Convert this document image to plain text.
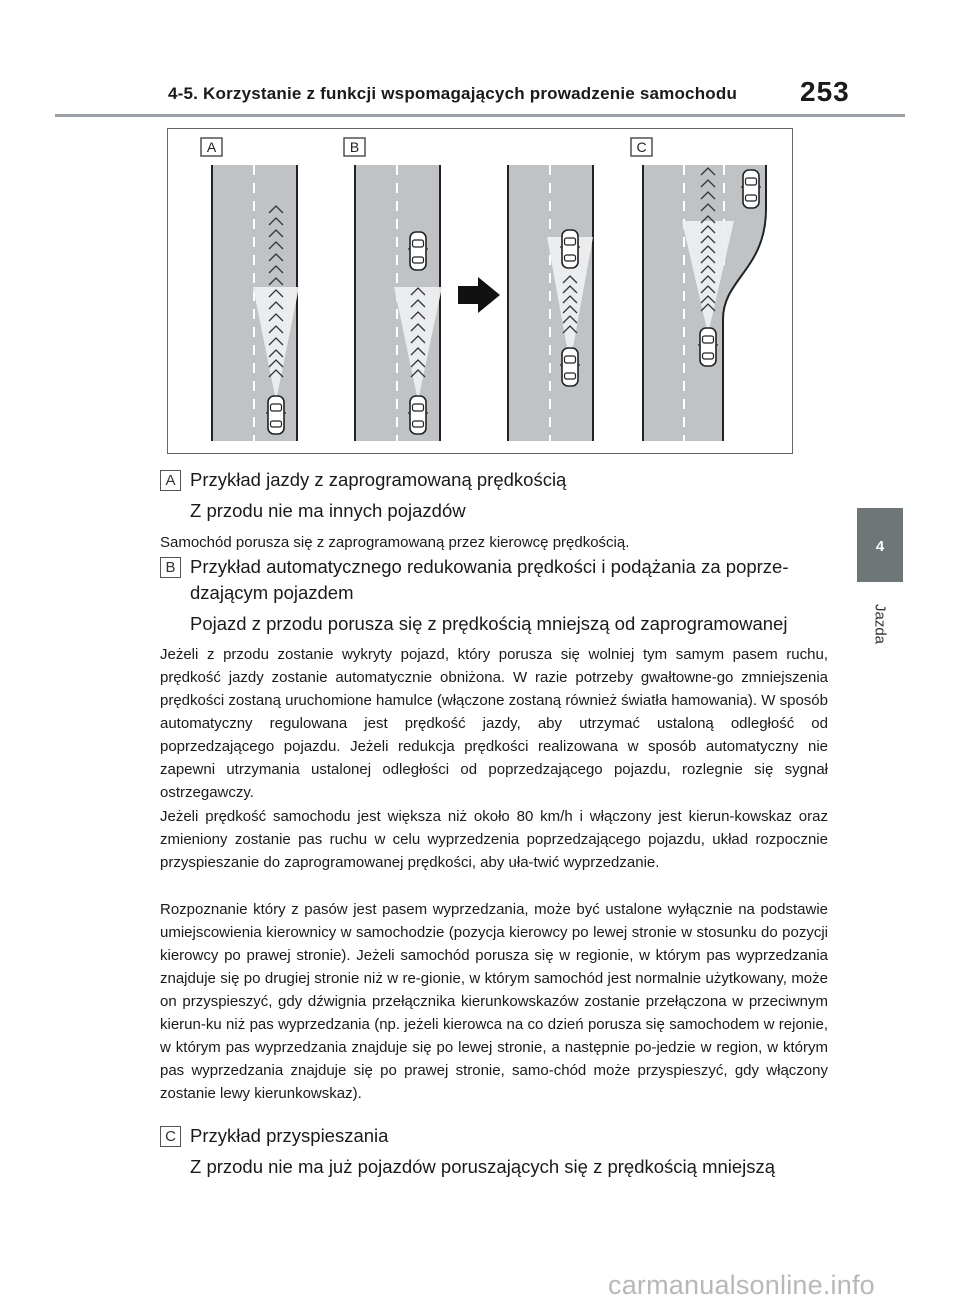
4-5. Korzystanie z funkcji wspomagających prowadzenie samochodu 253
4
Jazda
A	B	C
A Przykład jazdy z zaprogramowaną prędkością
Z przodu nie ma innych pojazdów
Samochód porusza się z zaprogramowaną przez kierowcę prędkością.
B Przykład automatycznego redukowania prędkości i podążania za poprze-
dzającym pojazdem
Pojazd z przodu porusza się z prędkością mniejszą od zaprogramowanej
Jeżeli z przodu zostanie wykryty pojazd, który porusza się wolniej tym samym pasem ruchu, prędkość jazdy zostanie automatycznie obniżona. W razie potrzeby gwałtowne-go zmniejszenia prędkości zostaną uruchomione hamulce (włączone zostaną również światła hamowania). W sposób automatyczny regulowana jest prędkość jazdy, aby utrzymać ustaloną odległość od poprzedzającego pojazdu. Jeżeli redukcja prędkości realizowana w sposób automatyczny nie zapewni utrzymania ustalonej odległości od poprzedzającego pojazdu, rozlegnie się sygnał ostrzegawczy.
Jeżeli prędkość samochodu jest większa niż około 80 km/h i włączony jest kierun-kowskaz oraz zmieniony zostanie pas ruchu w celu wyprzedzenia poprzedzającego pojazdu, układ rozpocznie przyspieszanie do zaprogramowanej prędkości, aby uła-twić wyprzedzanie.
Rozpoznanie który z pasów jest pasem wyprzedzania, może być ustalone wyłącznie na podstawie umiejscowienia kierownicy w samochodzie (pozycja kierowcy po lewej stronie w stosunku do pozycji kierowcy po prawej stronie). Jeżeli samochód porusza się w regionie, w którym pas wyprzedzania znajduje się po drugiej stronie niż w re-gionie, w którym samochód jest normalnie użytkowany, może on przyspieszyć, gdy dźwignia przełącznika kierunkowskazów zostanie przełączona w przeciwnym kierun-ku niż pas wyprzedzania (np. jeżeli kierowca na co dzień porusza się samochodem w rejonie, w którym pas wyprzedzania znajduje się po lewej stronie, a następnie po-jedzie w region, w którym pas wyprzedzania znajduje się po prawej stronie, samo-chód może przyspieszyć, gdy włączony zostanie lewy kierunkowskaz).
C Przykład przyspieszania
Z przodu nie ma już pojazdów poruszających się z prędkością mniejszą
carmanualsonline.info
